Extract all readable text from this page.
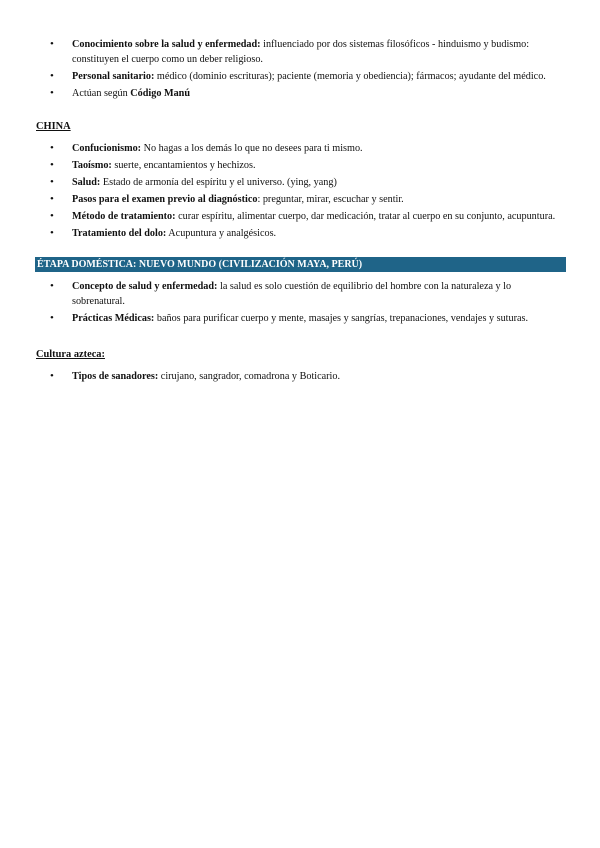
• Conocimiento sobre la salud y enfermedad: influenciado por dos sistemas filosóficos - hinduismo y budismo: constituyen el cuerpo como un deber religioso.
• Personal sanitario: médico (dominio escrituras); paciente (memoria y obediencia); fármacos; ayudante del médico.
• Actúan según Código Manú
CHINA
• Confucionismo: No hagas a los demás lo que no desees para ti mismo.
• Taoísmo: suerte, encantamientos y hechizos.
• Salud: Estado de armonía del espíritu y el universo. (ying, yang)
• Pasos para el examen previo al diagnóstico: preguntar, mirar, escuchar y sentir.
• Método de tratamiento: curar espíritu, alimentar cuerpo, dar medicación, tratar al cuerpo en su conjunto, acupuntura.
• Tratamiento del dolo: Acupuntura y analgésicos.
ÉTAPA DOMÉSTICA: NUEVO MUNDO (CIVILIZACIÓN MAYA, PERÚ)
• Concepto de salud y enfermedad: la salud es solo cuestión de equilibrio del hombre con la naturaleza y lo sobrenatural.
• Prácticas Médicas: baños para purificar cuerpo y mente, masajes y sangrías, trepanaciones, vendajes y suturas.
Cultura azteca:
• Tipos de sanadores: cirujano, sangrador, comadrona y Boticario.
